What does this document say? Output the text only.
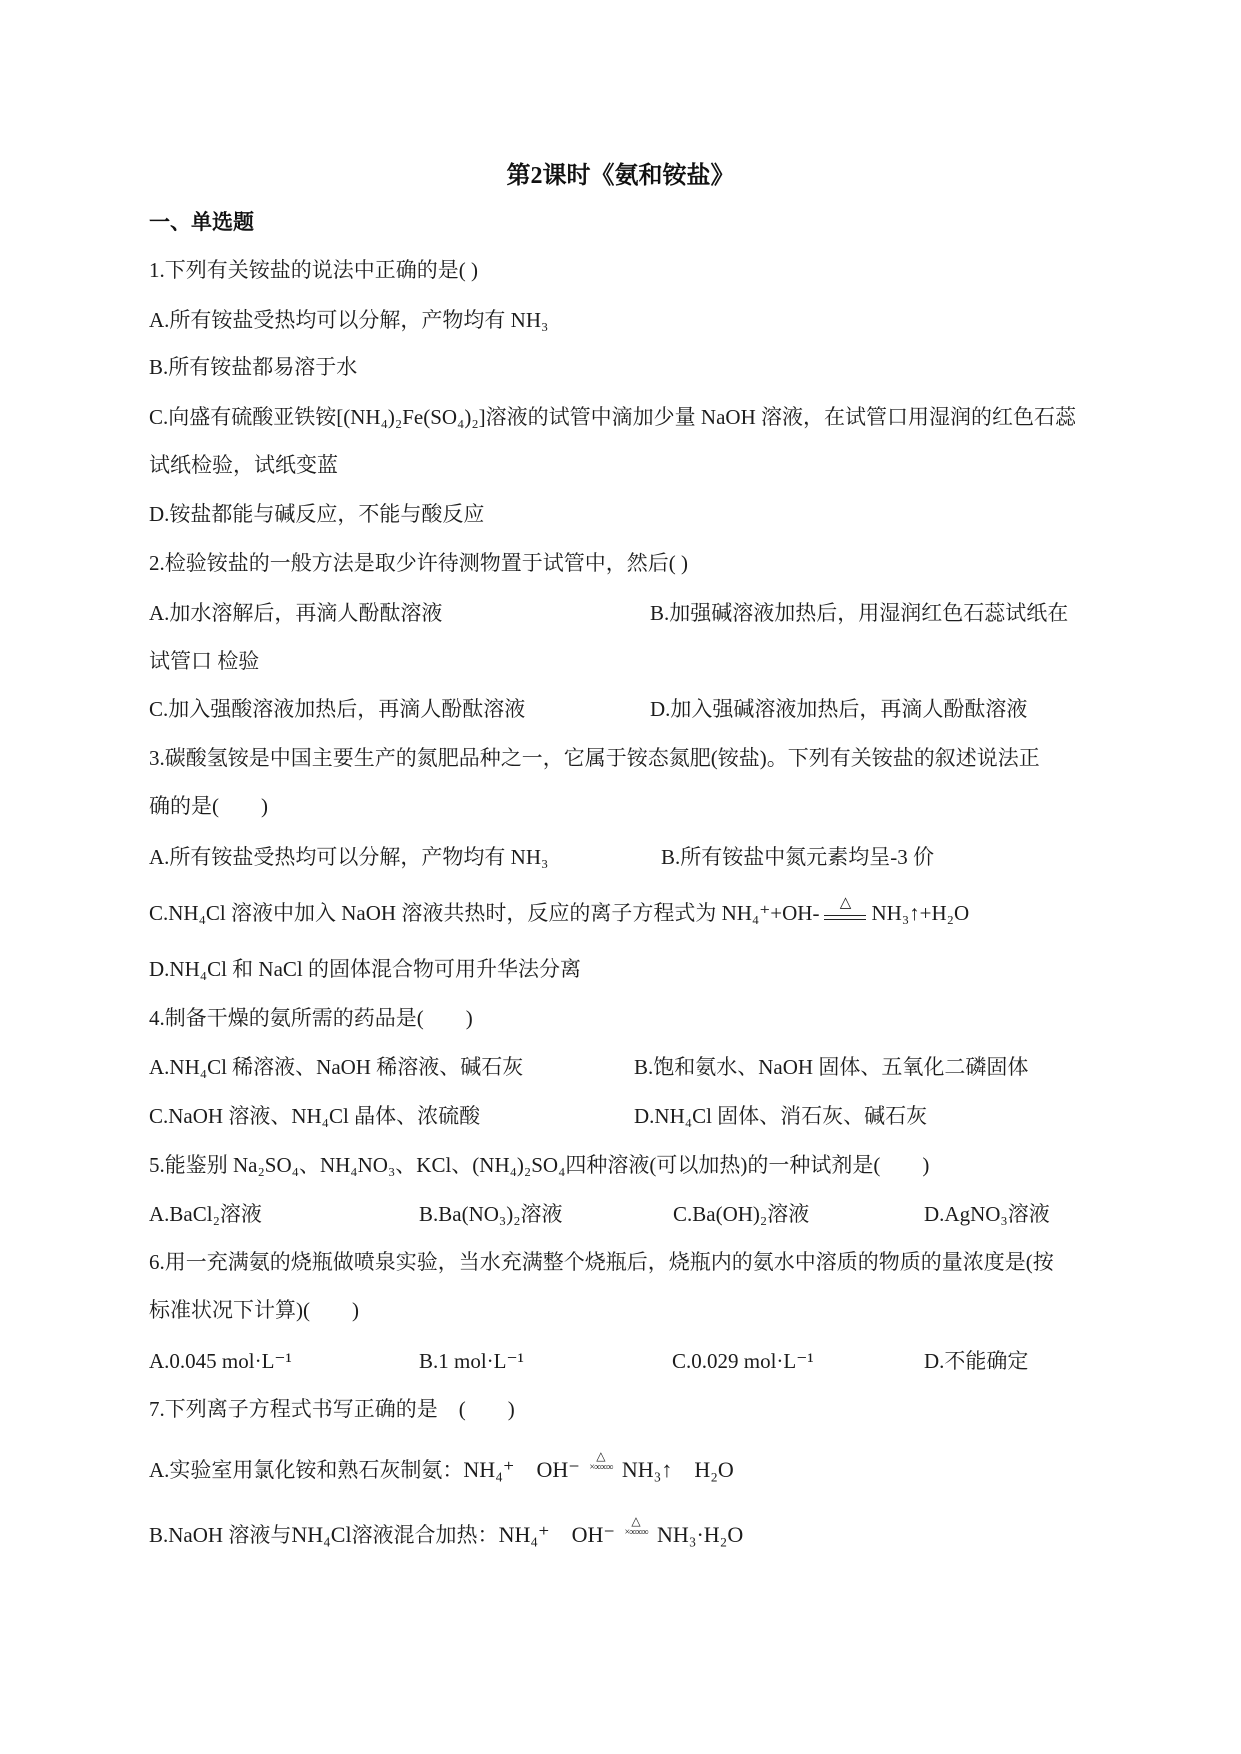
第2课时《氨和铵盐》
一、单选题
1.下列有关铵盐的说法中正确的是( )
A.所有铵盐受热均可以分解，产物均有 NH₃
B.所有铵盐都易溶于水
C.向盛有硫酸亚铁铵[(NH₄)₂Fe(SO₄)₂]溶液的试管中滴加少量 NaOH 溶液，在试管口用湿润的红色石蕊
试纸检验，试纸变蓝
D.铵盐都能与碱反应，不能与酸反应
2.检验铵盐的一般方法是取少许待测物置于试管中，然后( )
A.加水溶解后，再滴人酚酞溶液	B.加强碱溶液加热后，用湿润红色石蕊试纸在
试管口 检验
C.加入强酸溶液加热后，再滴人酚酞溶液	D.加入强碱溶液加热后，再滴人酚酞溶液
3.碳酸氢铵是中国主要生产的氮肥品种之一，它属于铵态氮肥(铵盐)。下列有关铵盐的叙述说法正
确的是(　　)
A.所有铵盐受热均可以分解，产物均有 NH₃	B.所有铵盐中氮元素均呈-3 价
C.NH₄Cl 溶液中加入 NaOH 溶液共热时，反应的离子方程式为 NH₄⁺+OH-	△ NH₃↑+H₂O
D.NH₄Cl 和 NaCl 的固体混合物可用升华法分离
4.制备干燥的氨所需的药品是(　　)
A.NH₄Cl 稀溶液、NaOH 稀溶液、碱石灰	B.饱和氨水、NaOH 固体、五氧化二磷固体
C.NaOH 溶液、NH₄Cl 晶体、浓硫酸	D.NH₄Cl 固体、消石灰、碱石灰
5.能鉴别 Na₂SO₄、NH₄NO₃、KCl、(NH₄)₂SO₄四种溶液(可以加热)的一种试剂是(　　)
A.BaCl₂溶液	B.Ba(NO₃)₂溶液	C.Ba(OH)₂溶液	D.AgNO₃溶液
6.用一充满氨的烧瓶做喷泉实验，当水充满整个烧瓶后，烧瓶内的氨水中溶质的物质的量浓度是(按
标准状况下计算)(　　)
A.0.045 mol·L⁻¹	B.1 mol·L⁻¹	C.0.029 mol·L⁻¹	D.不能确定
7.下列离子方程式书写正确的是　(　　)
A.实验室用氯化铵和熟石灰制氨：NH₄⁺ OH⁻
△
×∞∞∞ NH₃↑ H₂O
B.NaOH 溶液与NH₄Cl溶液混合加热：NH₄⁺ OH⁻
△
×∞∞∞ NH₃·H₂O
